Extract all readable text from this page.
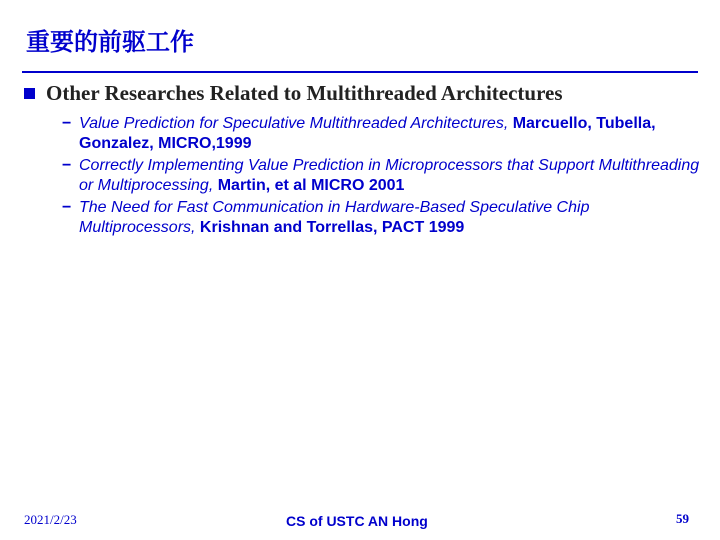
重要的前驱工作
Other Researches Related to Multithreaded Architectures
− Value Prediction for Speculative Multithreaded Architectures, Marcuello, Tubella, Gonzalez, MICRO,1999
− Correctly Implementing Value Prediction in Microprocessors that Support Multithreading or Multiprocessing, Martin, et al MICRO 2001
− The Need for Fast Communication in Hardware-Based Speculative Chip Multiprocessors, Krishnan and Torrellas, PACT 1999
2021/2/23	CS of USTC AN Hong	59
